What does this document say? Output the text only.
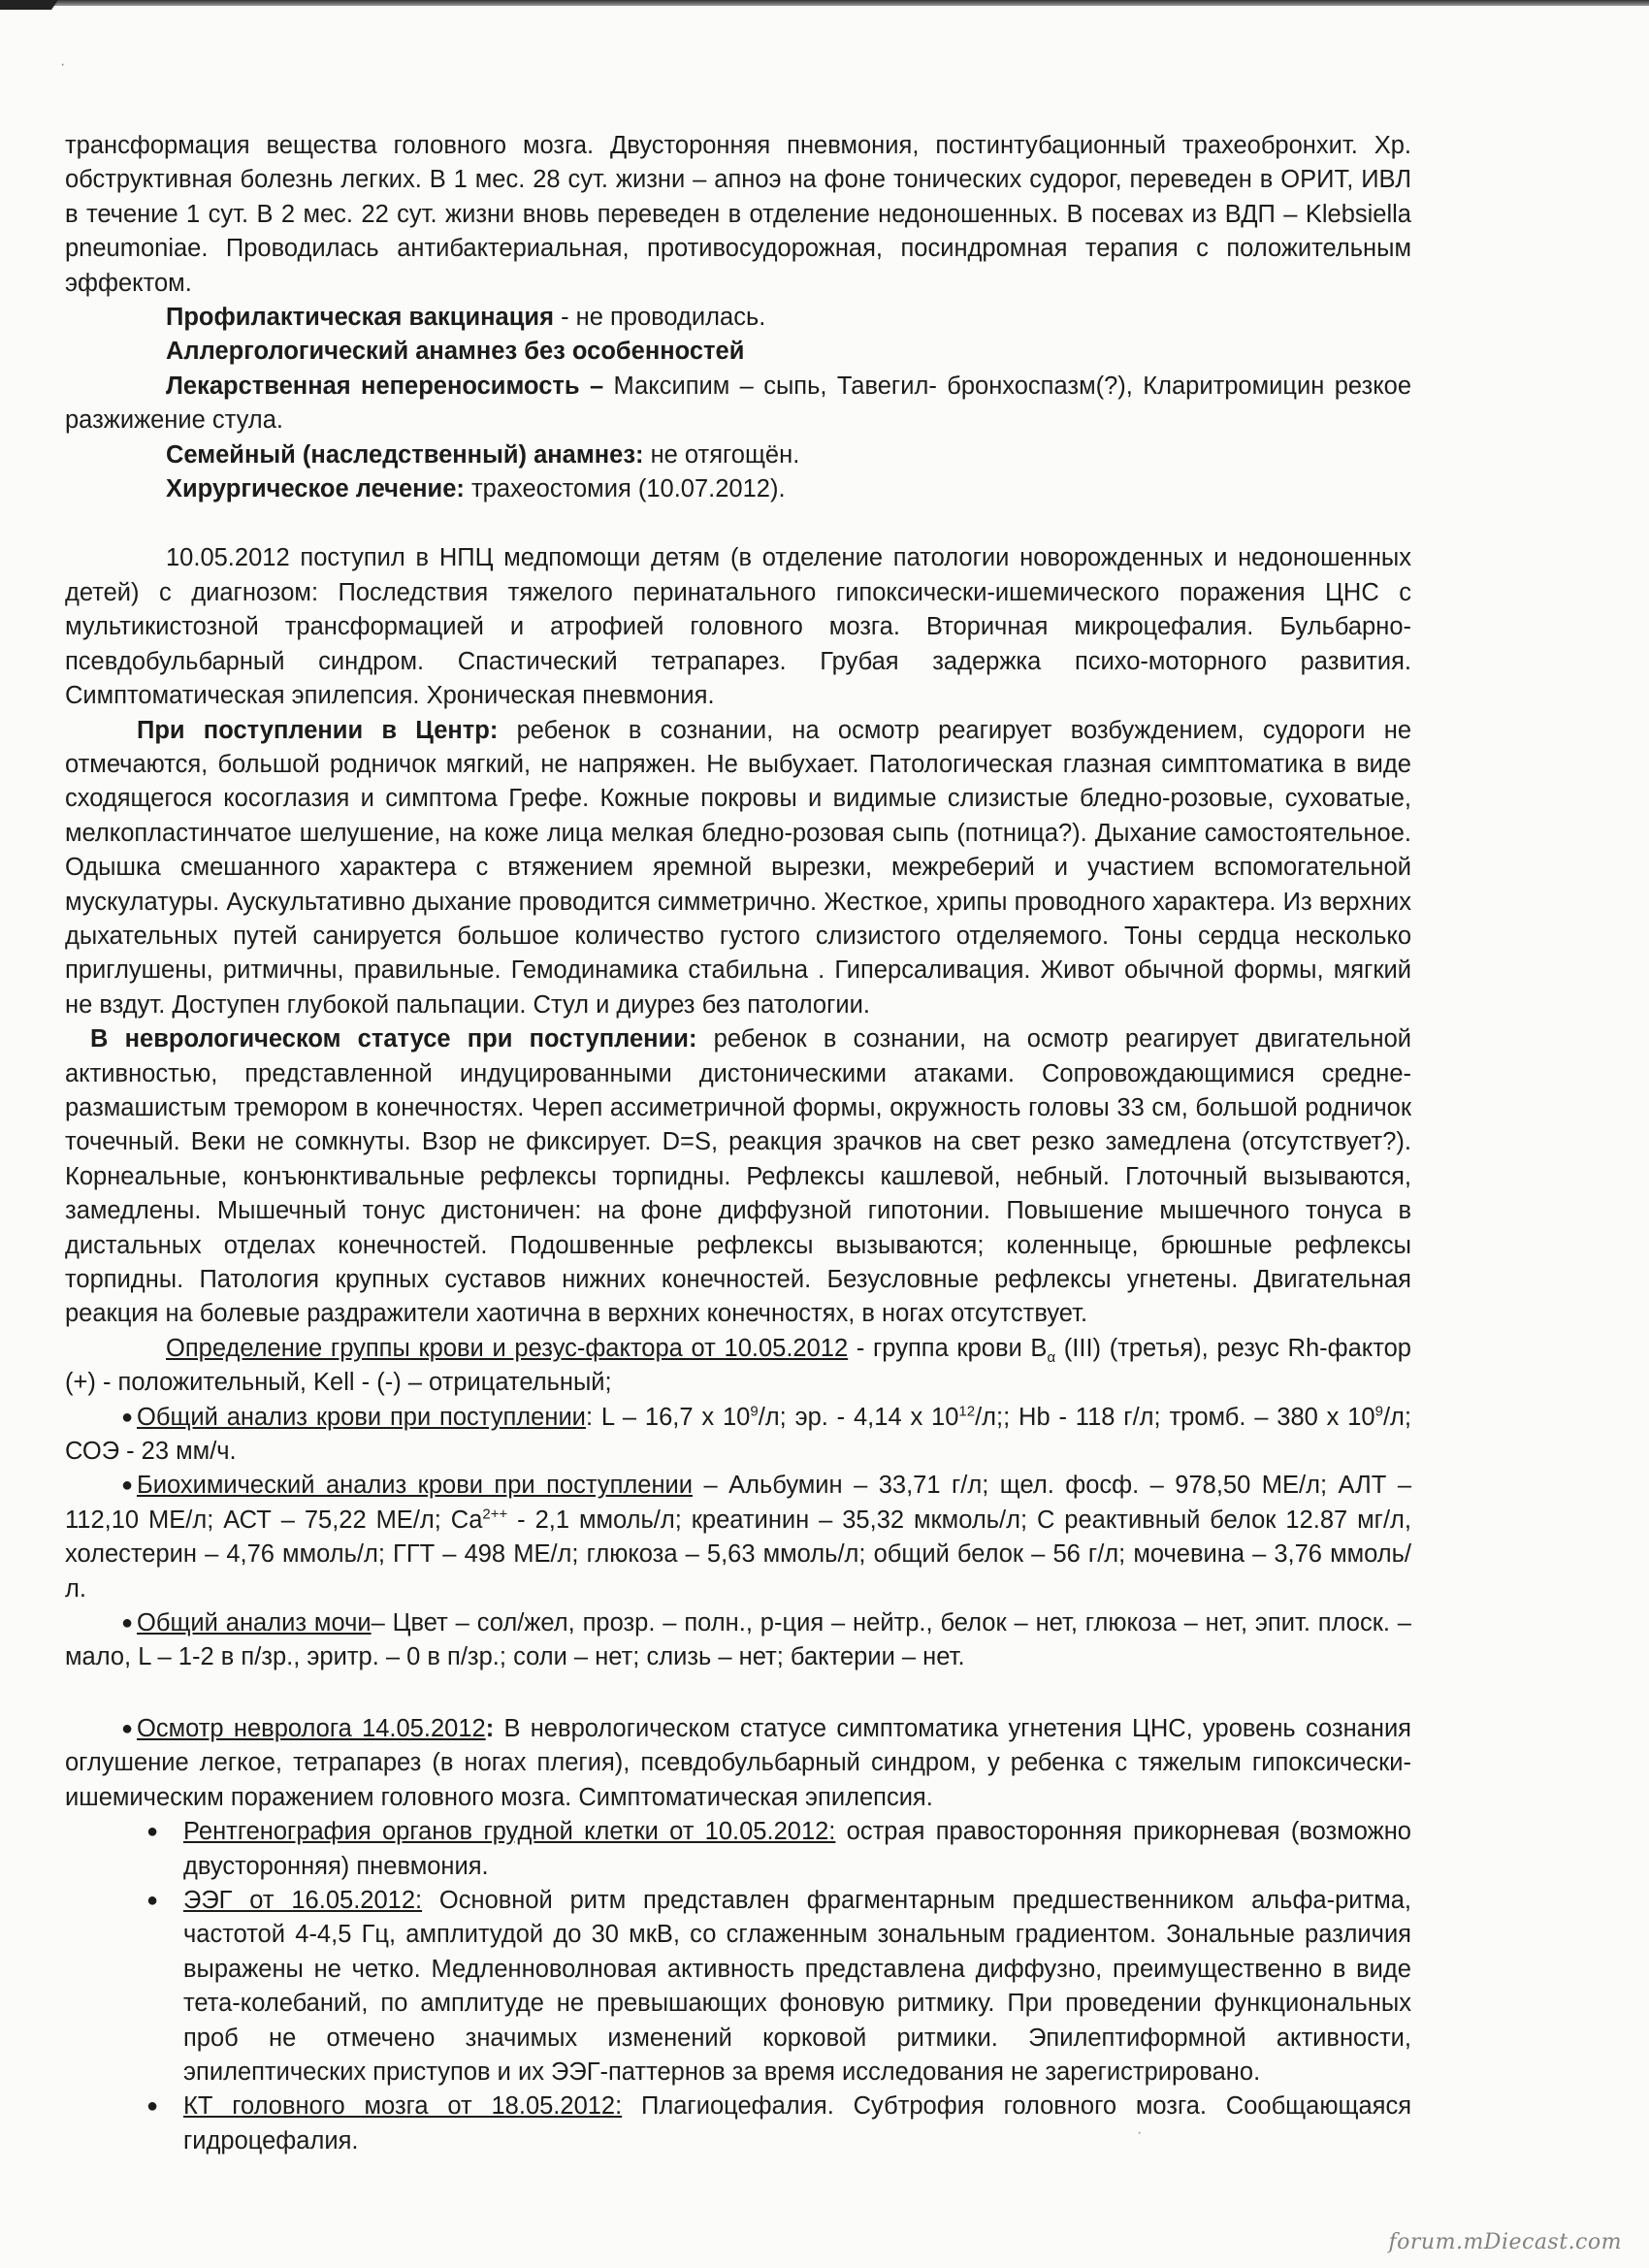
трансформация вещества головного мозга. Двусторонняя пневмония, постинтубационный трахеобронхит. Хр. обструктивная болезнь легких. В 1 мес. 28 сут. жизни – апноэ на фоне тонических судорог, переведен в ОРИТ, ИВЛ в течение 1 сут. В 2 мес. 22 сут. жизни вновь переведен в отделение недоношенных. В посевах из ВДП – Klebsiella pneumoniae. Проводилась антибактериальная, противосудорожная, посиндромная терапия с положительным эффектом.

Профилактическая вакцинация - не проводилась.

Аллергологический анамнез без особенностей

Лекарственная непереносимость – Максипим – сыпь, Тавегил- бронхоспазм(?), Кларитромицин резкое разжижение стула.

Семейный (наследственный) анамнез: не отягощён.

Хирургическое лечение: трахеостомия (10.07.2012).

10.05.2012 поступил в НПЦ медпомощи детям (в отделение патологии новорожденных и недоношенных детей) с диагнозом: Последствия тяжелого перинатального гипоксически-ишемического поражения ЦНС с мультикистозной трансформацией и атрофией головного мозга. Вторичная микроцефалия. Бульбарно-псевдобульбарный синдром. Спастический тетрапарез. Грубая задержка психо-моторного развития. Симптоматическая эпилепсия. Хроническая пневмония.

При поступлении в Центр: ребенок в сознании, на осмотр реагирует возбуждением, судороги не отмечаются, большой родничок мягкий, не напряжен. Не выбухает. Патологическая глазная симптоматика в виде сходящегося косоглазия и симптома Грефе. Кожные покровы и видимые слизистые бледно-розовые, суховатые, мелкопластинчатое шелушение, на коже лица мелкая бледно-розовая сыпь (потница?). Дыхание самостоятельное. Одышка смешанного характера с втяжением яремной вырезки, межреберий и участием вспомогательной мускулатуры. Аускультативно дыхание проводится симметрично. Жесткое, хрипы проводного характера. Из верхних дыхательных путей санируется большое количество густого слизистого отделяемого. Тоны сердца несколько приглушены, ритмичны, правильные. Гемодинамика стабильна . Гиперсаливация. Живот обычной формы, мягкий не вздут. Доступен глубокой пальпации. Стул и диурез без патологии.

В неврологическом статусе при поступлении: ребенок в сознании, на осмотр реагирует двигательной активностью, представленной индуцированными дистоническими атаками. Сопровождающимися средне-размашистым тремором в конечностях. Череп ассиметричной формы, окружность головы 33 см, большой родничок точечный. Веки не сомкнуты. Взор не фиксирует. D=S, реакция зрачков на свет резко замедлена (отсутствует?). Корнеальные, конъюнктивальные рефлексы торпидны. Рефлексы кашлевой, небный. Глоточный вызываются, замедлены. Мышечный тонус дистоничен: на фоне диффузной гипотонии. Повышение мышечного тонуса в дистальных отделах конечностей. Подошвенные рефлексы вызываются; коленныце, брюшные рефлексы торпидны. Патология крупных суставов нижних конечностей. Безусловные рефлексы угнетены. Двигательная реакция на болевые раздражители хаотична в верхних конечностях, в ногах отсутствует.

Определение группы крови и резус-фактора от 10.05.2012 - группа крови $В_\alpha$ (III) (третья), резус Rh-фактор (+) - положительный, Kell - (-) – отрицательный;

● Общий анализ крови при поступлении: L – 16,7 х $10^9/л$; эр. - 4,14 х $10^{12}/л$;; Hb - 118 г/л; тромб. – 380 х $10^9/л$; СОЭ - 23 мм/ч.

● Биохимический анализ крови при поступлении – Альбумин – 33,71 г/л; щел. фосф. – 978,50 МЕ/л; АЛТ – 112,10 МЕ/л; АСТ – 75,22 МЕ/л; $Ca^{2++} - 2,1$ ммоль/л; креатинин – 35,32 мкмоль/л; С реактивный белок 12.87 мг/л, холестерин – 4,76 ммоль/л; ГГТ – 498 МЕ/л; глюкоза – 5,63 ммоль/л; общий белок – 56 г/л; мочевина – 3,76 ммоль/л.

● Общий анализ мочи– Цвет – сол/жел, прозр. – полн., р-ция – нейтр., белок – нет, глюкоза – нет, эпит. плоск. – мало, L – 1-2 в п/зр., эритр. – 0 в п/зр.; соли – нет; слизь – нет; бактерии – нет.

● Осмотр невролога 14.05.2012: В неврологическом статусе симптоматика угнетения ЦНС, уровень сознания оглушение легкое, тетрапарез (в ногах плегия), псевдобульбарный синдром, у ребенка с тяжелым гипоксически-ишемическим поражением головного мозга. Симптоматическая эпилепсия.

● Рентгенография органов грудной клетки от 10.05.2012: острая правосторонняя прикорневая (возможно двусторонняя) пневмония.

● ЭЭГ от 16.05.2012: Основной ритм представлен фрагментарным предшественником альфа-ритма, частотой 4-4,5 Гц, амплитудой до 30 мкВ, со сглаженным зональным градиентом. Зональные различия выражены не четко. Медленноволновая активность представлена диффузно, преимущественно в виде тета-колебаний, по амплитуде не превышающих фоновую ритмику. При проведении функциональных проб не отмечено значимых изменений корковой ритмики. Эпилептиформной активности, эпилептических приступов и их ЭЭГ-паттернов за время исследования не зарегистрировано.

● КТ головного мозга от 18.05.2012: Плагиоцефалия. Субтрофия головного мозга. Сообщающаяся гидроцефалия.	·
·
forum.mDiecast.com
